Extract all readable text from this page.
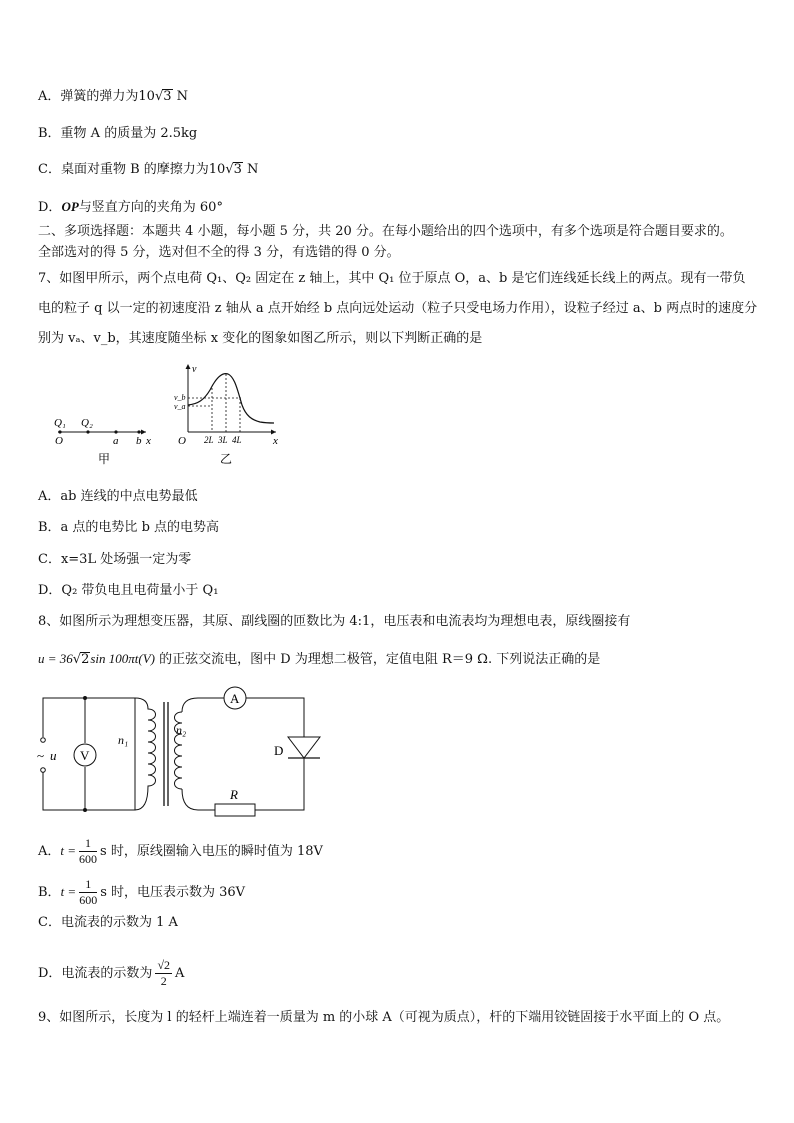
A．弹簧的弹力为10√3 N
B．重物 A 的质量为 2.5kg
C．桌面对重物 B 的摩擦力为10√3 N
D．OP与竖直方向的夹角为 60°
二、多项选择题：本题共 4 小题，每小题 5 分，共 20 分。在每小题给出的四个选项中，有多个选项是符合题目要求的。
全部选对的得 5 分，选对但不全的得 3 分，有选错的得 0 分。
7、如图甲所示，两个点电荷 Q₁、Q₂ 固定在 z 轴上，其中 Q₁ 位于原点 O，a、b 是它们连线延长线上的两点。现有一带负电的粒子 q 以一定的初速度沿 z 轴从 a 点开始经 b 点向远处运动（粒子只受电场力作用），设粒子经过 a、b 两点时的速度分别为 vₐ、v_b，其速度随坐标 x 变化的图象如图乙所示，则以下判断正确的是
Q₁ Q₂
O	a b x
甲
v
v_b
v_a
O 2L 3L 4L	x
乙
A．ab 连线的中点电势最低
B．a 点的电势比 b 点的电势高
C．x=3L 处场强一定为零
D．Q₂ 带负电且电荷量小于 Q₁
8、如图所示为理想变压器，其原、副线圈的匝数比为 4:1，电压表和电流表均为理想电表，原线圈接有
u = 36√2sin 100πt(V) 的正弦交流电，图中 D 为理想二极管，定值电阻 R＝9 Ω. 下列说法正确的是
~ u V
n₁
n₂
A
D
R
A．$t = \frac{1}{600}$ s 时，原线圈输入电压的瞬时值为 18V
B．$t = \frac{1}{600}$ s 时，电压表示数为 36V
C．电流表的示数为 1 A
D．电流表的示数为 $\frac{√2}{2}$ A
9、如图所示，长度为 l 的轻杆上端连着一质量为 m 的小球 A（可视为质点），杆的下端用铰链固接于水平面上的 O 点。
